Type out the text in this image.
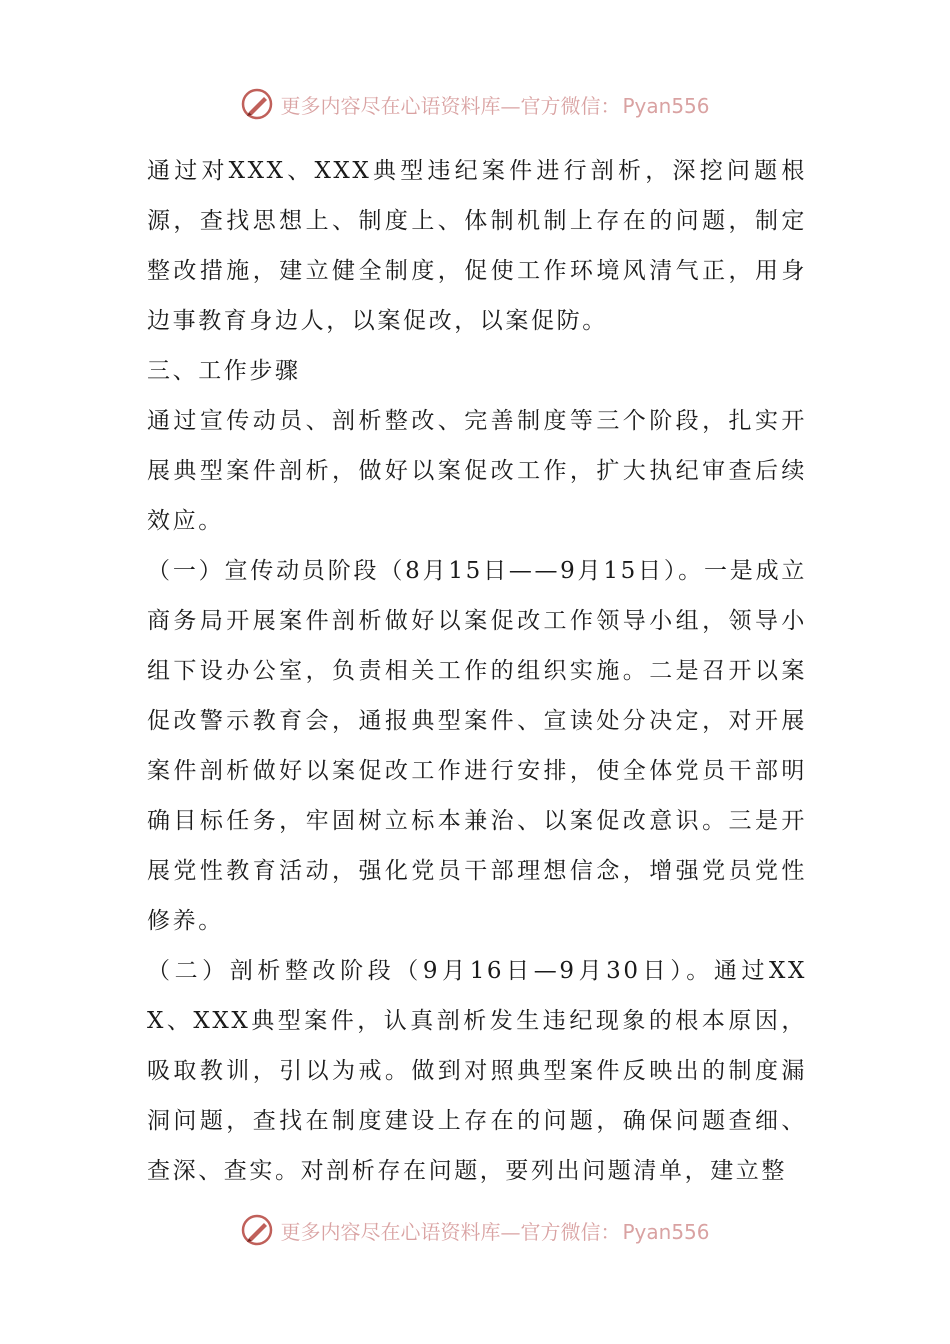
更多内容尽在心语资料库—官方微信： Pyan556

通过对XXX、XXX典型违纪案件进行剖析，深挖问题根源，查找思想上、制度上、体制机制上存在的问题，制定整改措施，建立健全制度，促使工作环境风清气正，用身边事教育身边人，以案促改，以案促防。

三、工作步骤

通过宣传动员、剖析整改、完善制度等三个阶段，扎实开展典型案件剖析，做好以案促改工作，扩大执纪审查后续效应。

（一）宣传动员阶段（8月15日——9月15日）。一是成立商务局开展案件剖析做好以案促改工作领导小组，领导小组下设办公室，负责相关工作的组织实施。二是召开以案促改警示教育会，通报典型案件、宣读处分决定，对开展案件剖析做好以案促改工作进行安排，使全体党员干部明确目标任务，牢固树立标本兼治、以案促改意识。三是开展党性教育活动，强化党员干部理想信念，增强党员党性修养。

（二）剖析整改阶段（9月16日—9月30日）。通过XXX、XXX典型案件，认真剖析发生违纪现象的根本原因，吸取教训，引以为戒。做到对照典型案件反映出的制度漏洞问题，查找在制度建设上存在的问题，确保问题查细、查深、查实。对剖析存在问题，要列出问题清单，建立整

更多内容尽在心语资料库—官方微信： Pyan556
